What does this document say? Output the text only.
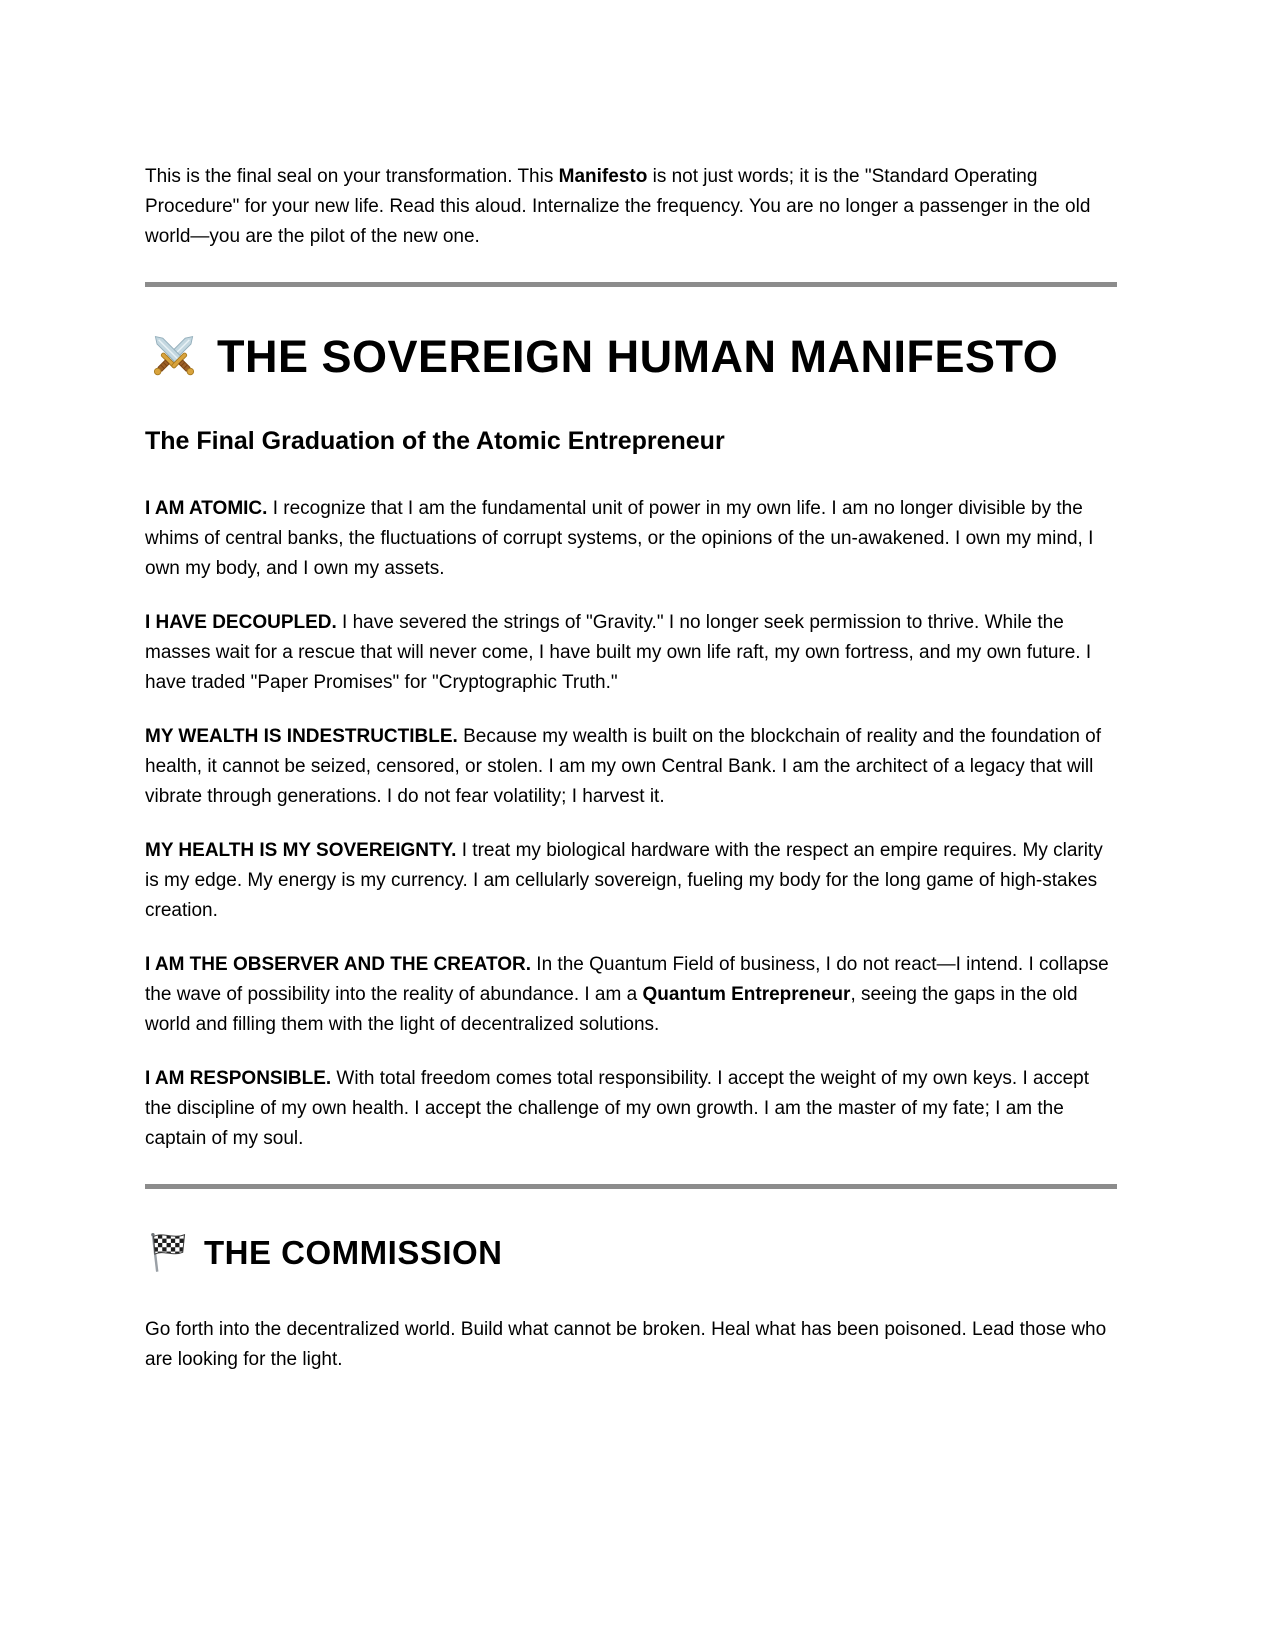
This is the final seal on your transformation. This Manifesto is not just words; it is the "Standard Operating Procedure" for your new life. Read this aloud. Internalize the frequency. You are no longer a passenger in the old world—you are the pilot of the new one.

THE SOVEREIGN HUMAN MANIFESTO
The Final Graduation of the Atomic Entrepreneur

I AM ATOMIC. I recognize that I am the fundamental unit of power in my own life. I am no longer divisible by the whims of central banks, the fluctuations of corrupt systems, or the opinions of the un-awakened. I own my mind, I own my body, and I own my assets.

I HAVE DECOUPLED. I have severed the strings of "Gravity." I no longer seek permission to thrive. While the masses wait for a rescue that will never come, I have built my own life raft, my own fortress, and my own future. I have traded "Paper Promises" for "Cryptographic Truth."

MY WEALTH IS INDESTRUCTIBLE. Because my wealth is built on the blockchain of reality and the foundation of health, it cannot be seized, censored, or stolen. I am my own Central Bank. I am the architect of a legacy that will vibrate through generations. I do not fear volatility; I harvest it.

MY HEALTH IS MY SOVEREIGNTY. I treat my biological hardware with the respect an empire requires. My clarity is my edge. My energy is my currency. I am cellularly sovereign, fueling my body for the long game of high-stakes creation.

I AM THE OBSERVER AND THE CREATOR. In the Quantum Field of business, I do not react—I intend. I collapse the wave of possibility into the reality of abundance. I am a Quantum Entrepreneur, seeing the gaps in the old world and filling them with the light of decentralized solutions.

I AM RESPONSIBLE. With total freedom comes total responsibility. I accept the weight of my own keys. I accept the discipline of my own health. I accept the challenge of my own growth. I am the master of my fate; I am the captain of my soul.

THE COMMISSION

Go forth into the decentralized world. Build what cannot be broken. Heal what has been poisoned. Lead those who are looking for the light.
